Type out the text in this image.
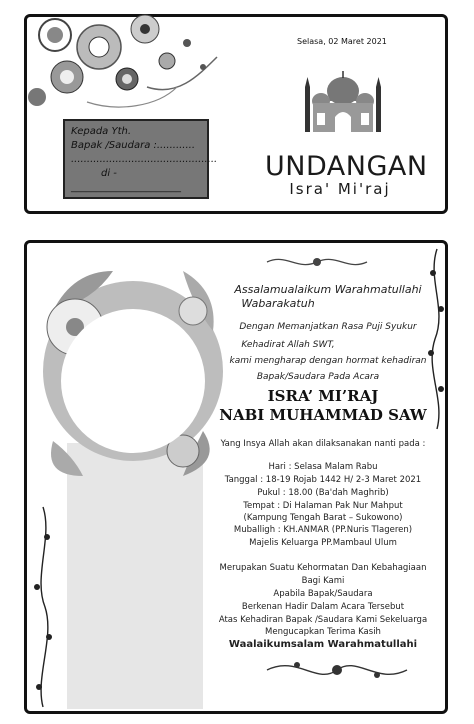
Selasa, 02 Maret 2021
Kepada Yth.
Bapak /Saudara :............
..............................................
di -
______________________
UNDANGAN
Isra' Mi'raj
Assalamualaikum Warahmatullahi
Wabarakatuh
Dengan Memanjatkan Rasa Puji Syukur
Kehadirat Allah SWT,
kami mengharap dengan hormat kehadiran
Bapak/Saudara Pada Acara
ISRA’ MI’RAJ
NABI MUHAMMAD SAW
Yang Insya Allah akan dilaksanakan nanti pada :
Hari : Selasa Malam Rabu
Tanggal : 18-19 Rojab 1442 H/ 2-3 Maret 2021
Pukul : 18.00 (Ba'dah Maghrib)
Tempat : Di Halaman Pak Nur Mahput
(Kampung Tengah Barat – Sukowono)
Muballigh : KH.ANMAR (PP.Nuris Tlageren)
Majelis Keluarga PP.Mambaul Ulum
Merupakan Suatu Kehormatan Dan Kebahagiaan
Bagi Kami
Apabila Bapak/Saudara
Berkenan Hadir Dalam Acara Tersebut
Atas Kehadiran Bapak /Saudara Kami Sekeluarga
Mengucapkan Terima Kasih
Waalaikumsalam Warahmatullahi
